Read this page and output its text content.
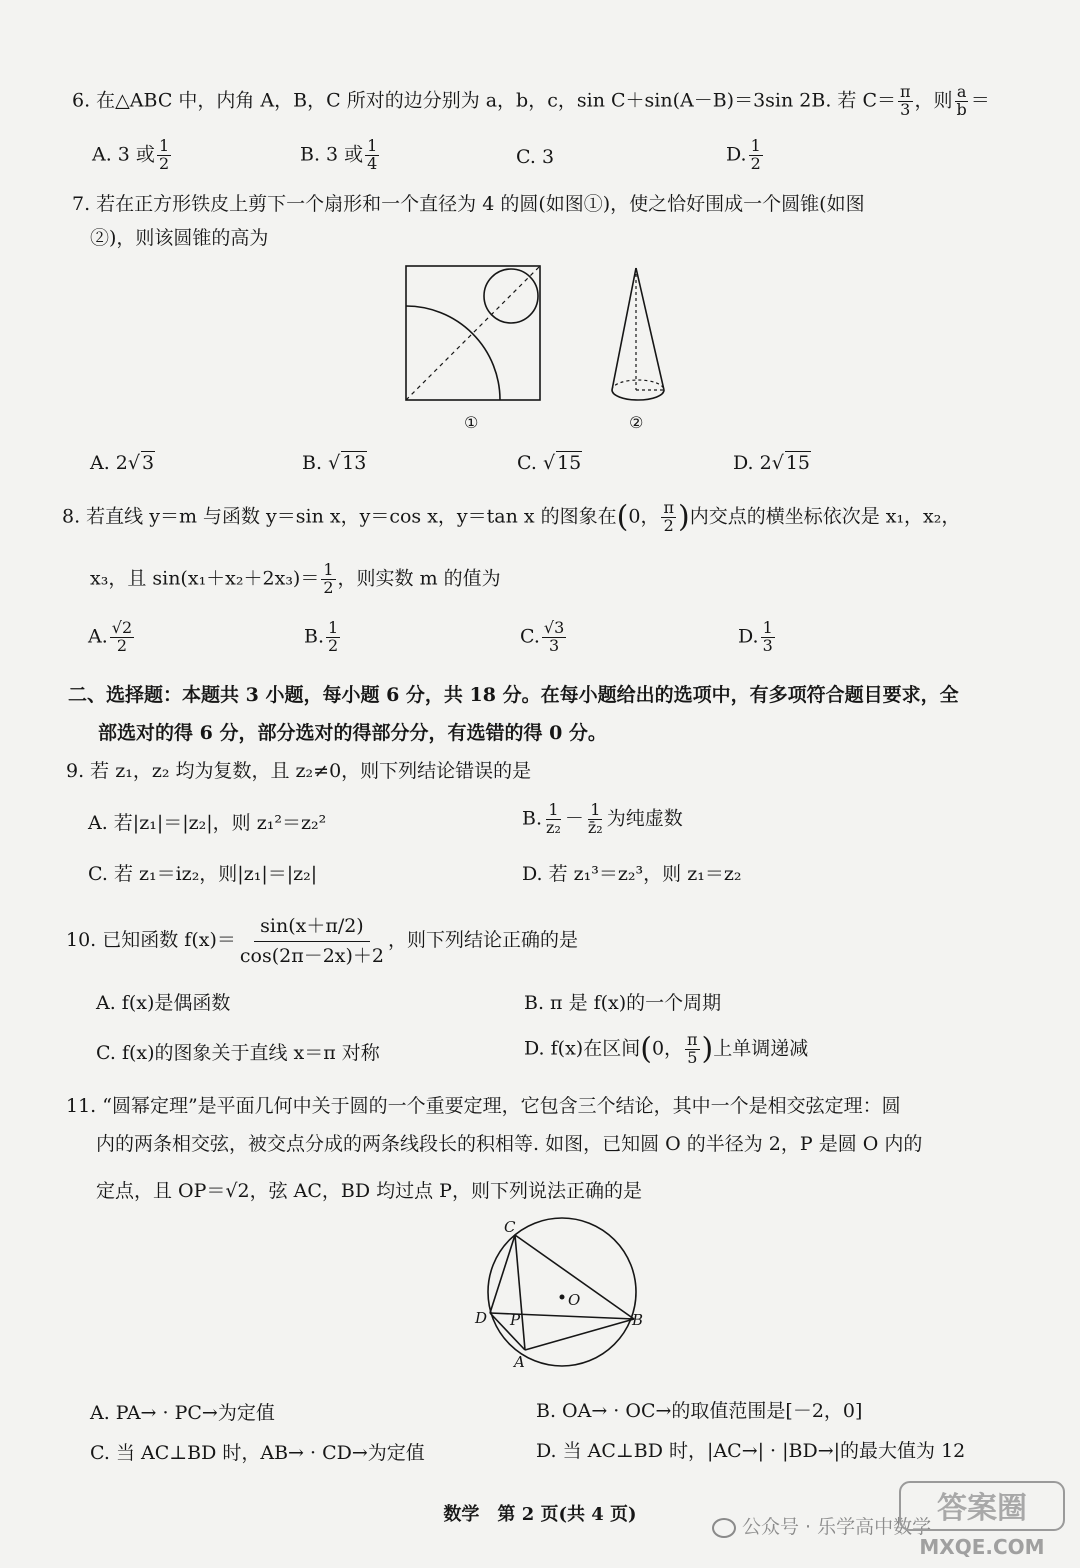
6. 在△ABC 中，内角 A，B，C 所对的边分别为 a，b，c，sin C＋sin(A－B)＝3sin 2B. 若 $C= \frac{\pi}{3}$ ，则 $\frac{a}{b}$ ＝
A. 3 或 $\frac{1}{2}$	B. 3 或 $\frac{1}{4}$	C. 3	D. $\frac{1}{2}$
7. 若在正方形铁皮上剪下一个扇形和一个直径为 4 的圆(如图①)，使之恰好围成一个圆锥(如图
②)，则该圆锥的高为
①	②
A. 2√ 3	B. √ 13	C. √ 15	D. 2√ 15
8. 若直线 y＝m 与函数 y＝sin x，y＝cos x，y＝tan x 的图象在(0， $\frac{\pi}{2}$ )内交点的横坐标依次是 x₁，x₂，
x₃，且 $\sin(x_1+x_2+2x_3)= \frac{1}{2}$ ，则实数 m 的值为
A. $\frac{√2}{2}$	B. $\frac{1}{2}$	C. $\frac{√3}{3}$	D. $\frac{1}{3}$
二、选择题：本题共 3 小题，每小题 6 分，共 18 分。在每小题给出的选项中，有多项符合题目要求，全
部选对的得 6 分，部分选对的得部分分，有选错的得 0 分。
9. 若 z₁，z₂ 均为复数，且 z₂≠0，则下列结论错误的是
A. 若|z₁|＝|z₂|，则 z₁²＝z₂²	B. $\frac{1}{\text{z₂}} - \frac{1}{\text{z̄₂}}$ 为纯虚数
C. 若 z₁＝iz₂，则|z₁|＝|z₂|	D. 若 z₁³＝z₂³，则 z₁＝z₂
10. 已知函数 $f(x)= \frac{\sin(x+\pi/2)}{\cos(2\pi-2x)+2}$ ，则下列结论正确的是
A. f(x)是偶函数	B. π 是 f(x)的一个周期
C. f(x)的图象关于直线 x＝π 对称	D. f(x)在区间(0， $\frac{\pi}{5}$ )上单调递减
11. “圆幂定理”是平面几何中关于圆的一个重要定理，它包含三个结论，其中一个是相交弦定理：圆
内的两条相交弦，被交点分成的两条线段长的积相等. 如图，已知圆 O 的半径为 2，P 是圆 O 内的
定点，且 OP＝√2，弦 AC，BD 均过点 P，则下列说法正确的是
C
O
D P	B
A
A. PA→ · PC→为定值	B. OA→ · OC→的取值范围是[－2，0]
C. 当 AC⊥BD 时，AB→ · CD→为定值	D. 当 AC⊥BD 时，|AC→| · |BD→|的最大值为 12
数学　第 2 页(共 4 页)
公众号 · 乐学高中数学
答案圈
MXQE.COM
